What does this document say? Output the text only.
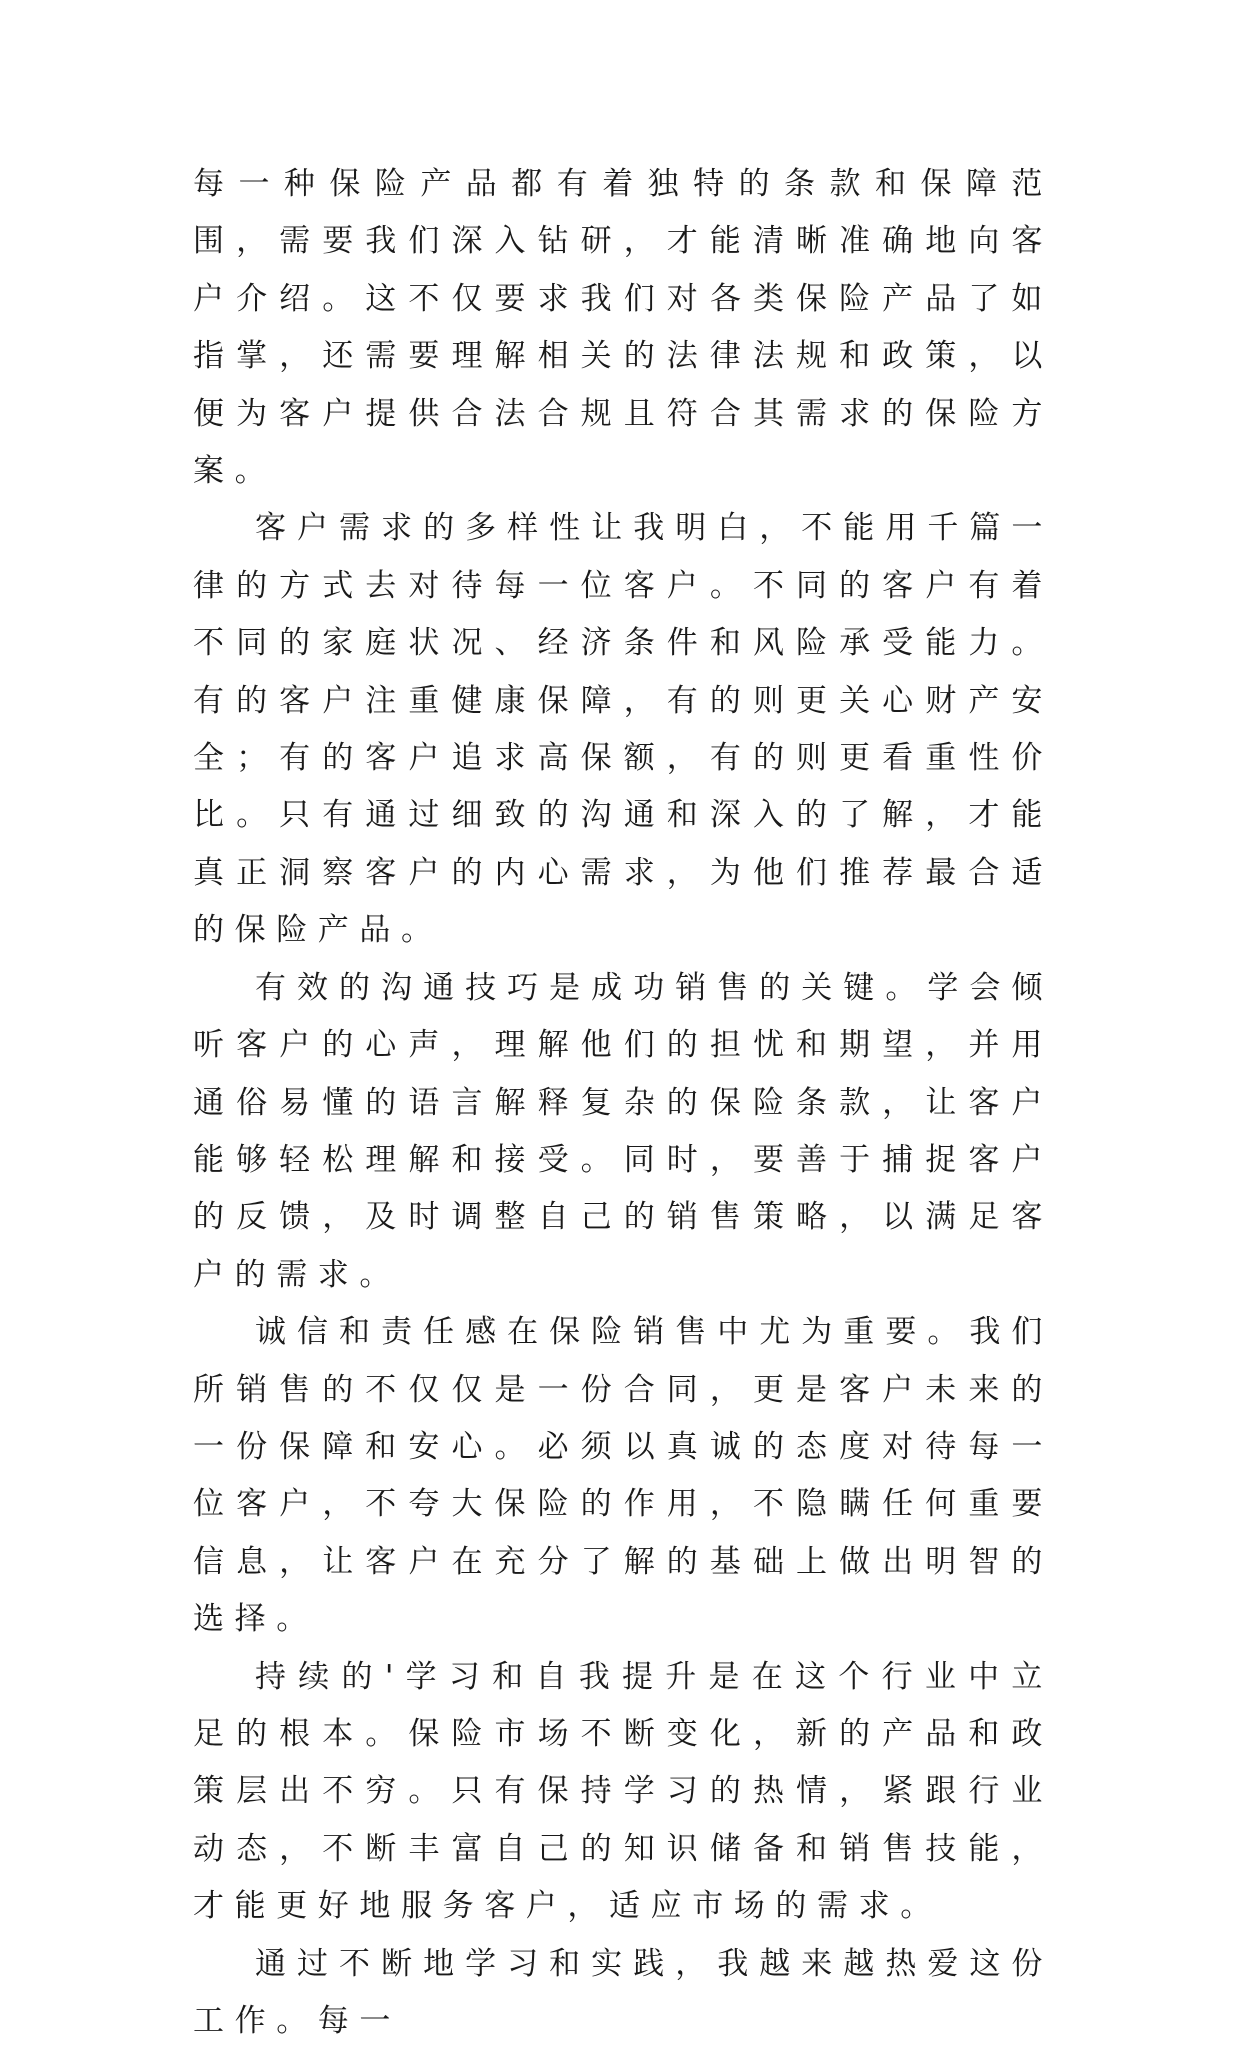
每一种保险产品都有着独特的条款和保障范围，需要我们深入钻研，才能清晰准确地向客户介绍。这不仅要求我们对各类保险产品了如指掌，还需要理解相关的法律法规和政策，以便为客户提供合法合规且符合其需求的保险方案。

客户需求的多样性让我明白，不能用千篇一律的方式去对待每一位客户。不同的客户有着不同的家庭状况、经济条件和风险承受能力。有的客户注重健康保障，有的则更关心财产安全；有的客户追求高保额，有的则更看重性价比。只有通过细致的沟通和深入的了解，才能真正洞察客户的内心需求，为他们推荐最合适的保险产品。

有效的沟通技巧是成功销售的关键。学会倾听客户的心声，理解他们的担忧和期望，并用通俗易懂的语言解释复杂的保险条款，让客户能够轻松理解和接受。同时，要善于捕捉客户的反馈，及时调整自己的销售策略，以满足客户的需求。

诚信和责任感在保险销售中尤为重要。我们所销售的不仅仅是一份合同，更是客户未来的一份保障和安心。必须以真诚的态度对待每一位客户，不夸大保险的作用，不隐瞒任何重要信息，让客户在充分了解的基础上做出明智的选择。

持续的'学习和自我提升是在这个行业中立足的根本。保险市场不断变化，新的产品和政策层出不穷。只有保持学习的热情，紧跟行业动态，不断丰富自己的知识储备和销售技能，才能更好地服务客户，适应市场的需求。

通过不断地学习和实践，我越来越热爱这份工作。每一
